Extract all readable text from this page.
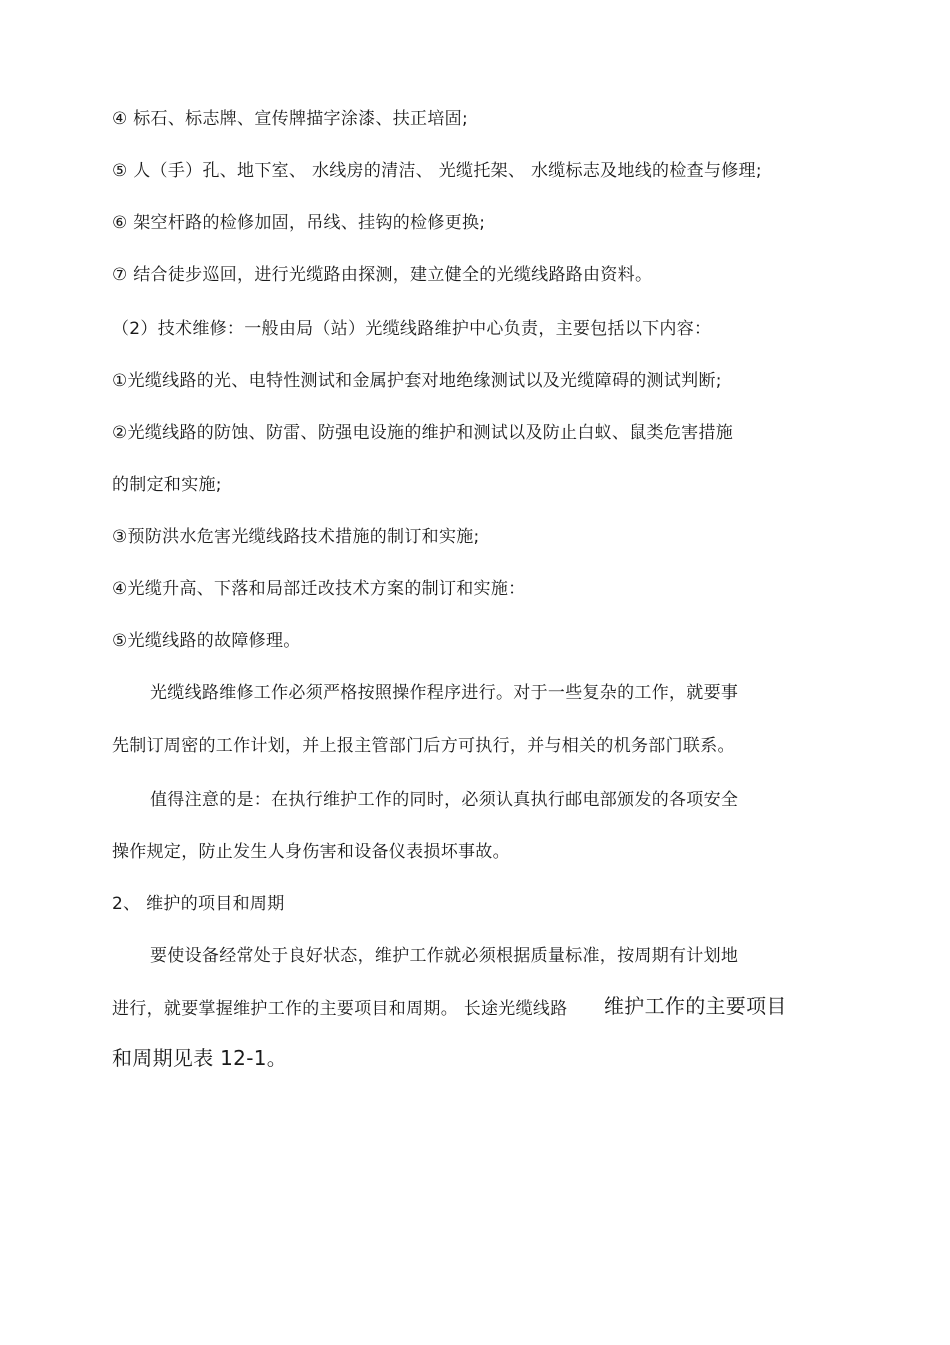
④ 标石、标志牌、宣传牌描字涂漆、扶正培固;
⑤ 人（手）孔、地下室、 水线房的清洁、 光缆托架、 水缆标志及地线的检查与修理;
⑥ 架空杆路的检修加固，吊线、挂钩的检修更换;
⑦ 结合徒步巡回，进行光缆路由探测，建立健全的光缆线路路由资料。
（2）技术维修：一般由局（站）光缆线路维护中心负责，主要包括以下内容：
①光缆线路的光、电特性测试和金属护套对地绝缘测试以及光缆障碍的测试判断;
②光缆线路的防蚀、防雷、防强电设施的维护和测试以及防止白蚁、鼠类危害措施
的制定和实施;
③预防洪水危害光缆线路技术措施的制订和实施;
④光缆升高、下落和局部迁改技术方案的制订和实施：
⑤光缆线路的故障修理。
光缆线路维修工作必须严格按照操作程序进行。对于一些复杂的工作，就要事
先制订周密的工作计划，并上报主管部门后方可执行，并与相关的机务部门联系。
值得注意的是：在执行维护工作的同时，必须认真执行邮电部颁发的各项安全
操作规定，防止发生人身伤害和设备仪表损坏事故。
2、 维护的项目和周期
要使设备经常处于良好状态，维护工作就必须根据质量标准，按周期有计划地
进行，就要掌握维护工作的主要项目和周期。 长途光缆线路 维护工作的主要项目
和周期见表 12-1。
